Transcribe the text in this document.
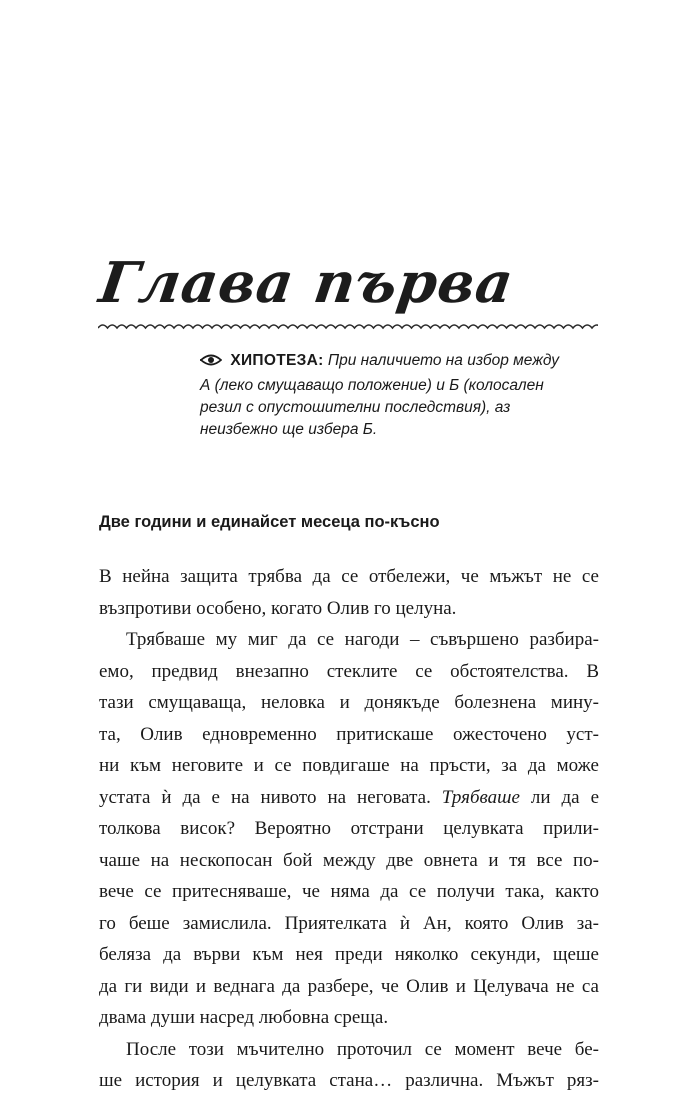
Глава първа
ХИПОТЕЗА: При наличието на избор между
А (леко смущаващо положение) и Б (колосален
резил с опустошителни последствия), аз
неизбежно ще избера Б.
Две години и единайсет месеца по-късно
В нейна защита трябва да се отбележи, че мъжът не се
възпротиви особено, когато Олив го целуна.
Трябваше му миг да се нагоди – съвършено разбира-
емо, предвид внезапно стеклите се обстоятелства. В
тази смущаваща, неловка и донякъде болезнена мину-
та, Олив едновременно притискаше ожесточено уст-
ни към неговите и се повдигаше на пръсти, за да може
устата ѝ да е на нивото на неговата. Трябваше ли да е
толкова висок? Вероятно отстрани целувката прили-
чаше на нескопосан бой между две овнета и тя все по-
вече се притесняваше, че няма да се получи така, както
го беше замислила. Приятелката ѝ Ан, която Олив за-
беляза да върви към нея преди няколко секунди, щеше
да ги види и веднага да разбере, че Олив и Целувача не са
двама души насред любовна среща.
После този мъчително проточил се момент вече бе-
ше история и целувката стана… различна. Мъжът ряз-
